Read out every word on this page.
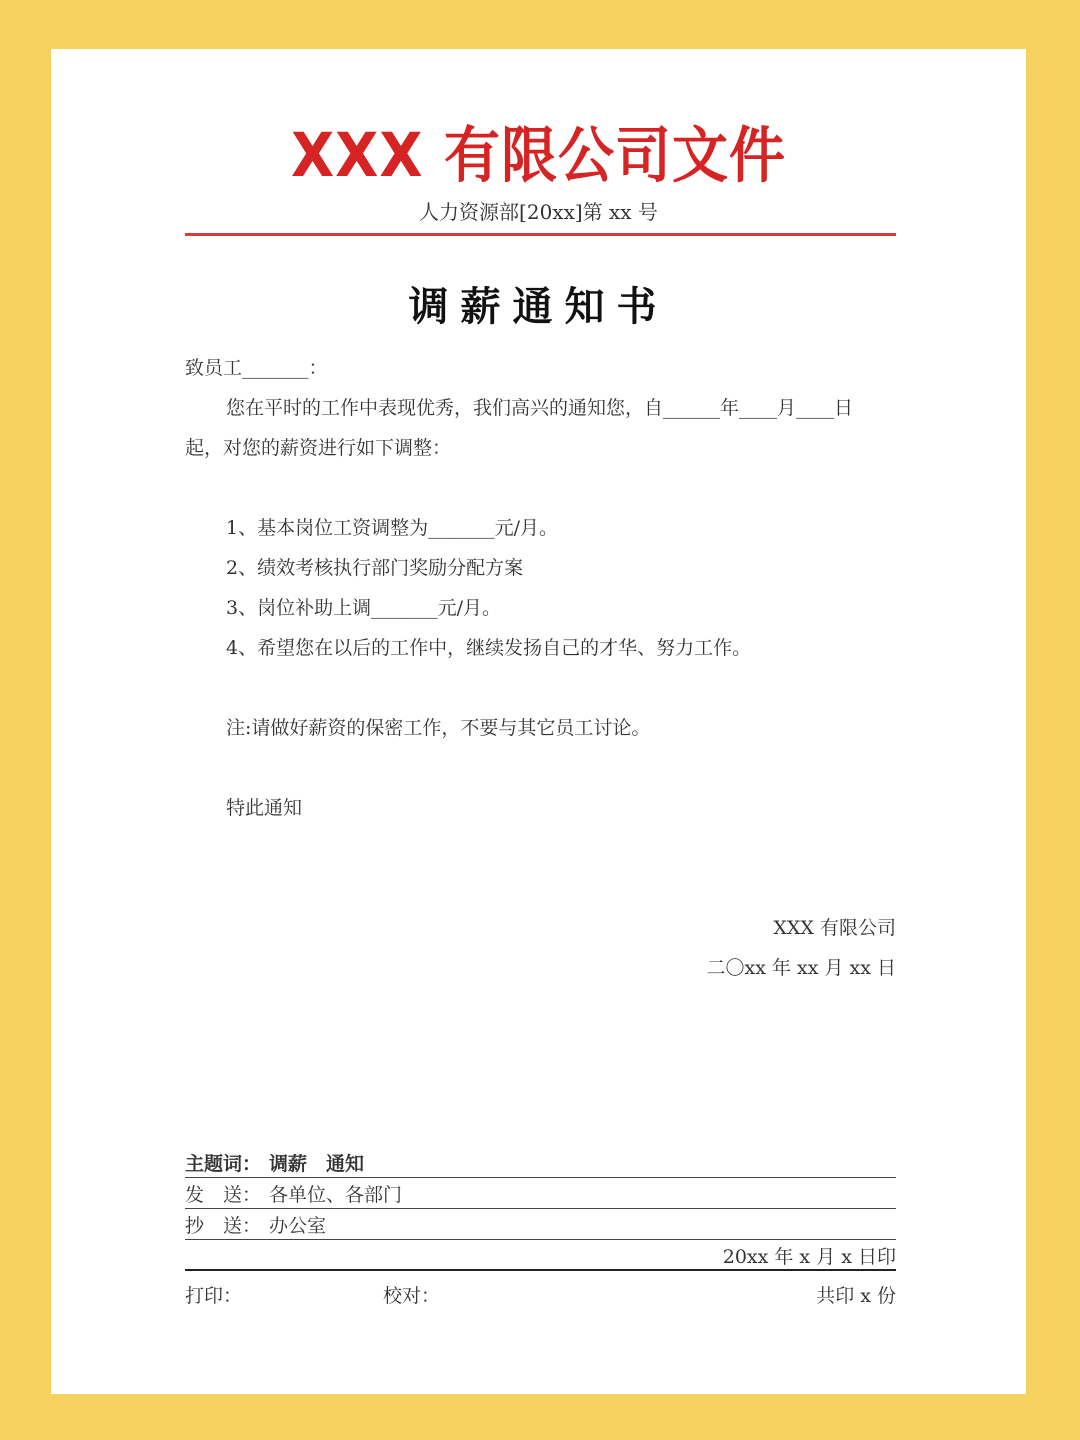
XXX 有限公司文件
人力资源部[20xx]第 xx 号
调薪通知书
致员工_______：
您在平时的工作中表现优秀，我们高兴的通知您，自______年____月____日
起，对您的薪资进行如下调整：
1、基本岗位工资调整为_______元/月。
2、绩效考核执行部门奖励分配方案
3、岗位补助上调_______元/月。
4、希望您在以后的工作中，继续发扬自己的才华、努力工作。
注:请做好薪资的保密工作，不要与其它员工讨论。
特此通知
XXX 有限公司
二〇xx 年 xx 月 xx 日
主题词： 调薪　通知
发　送： 各单位、各部门
抄　送： 办公室
20xx 年 x 月 x 日印
打印：	校对：	共印 x 份
